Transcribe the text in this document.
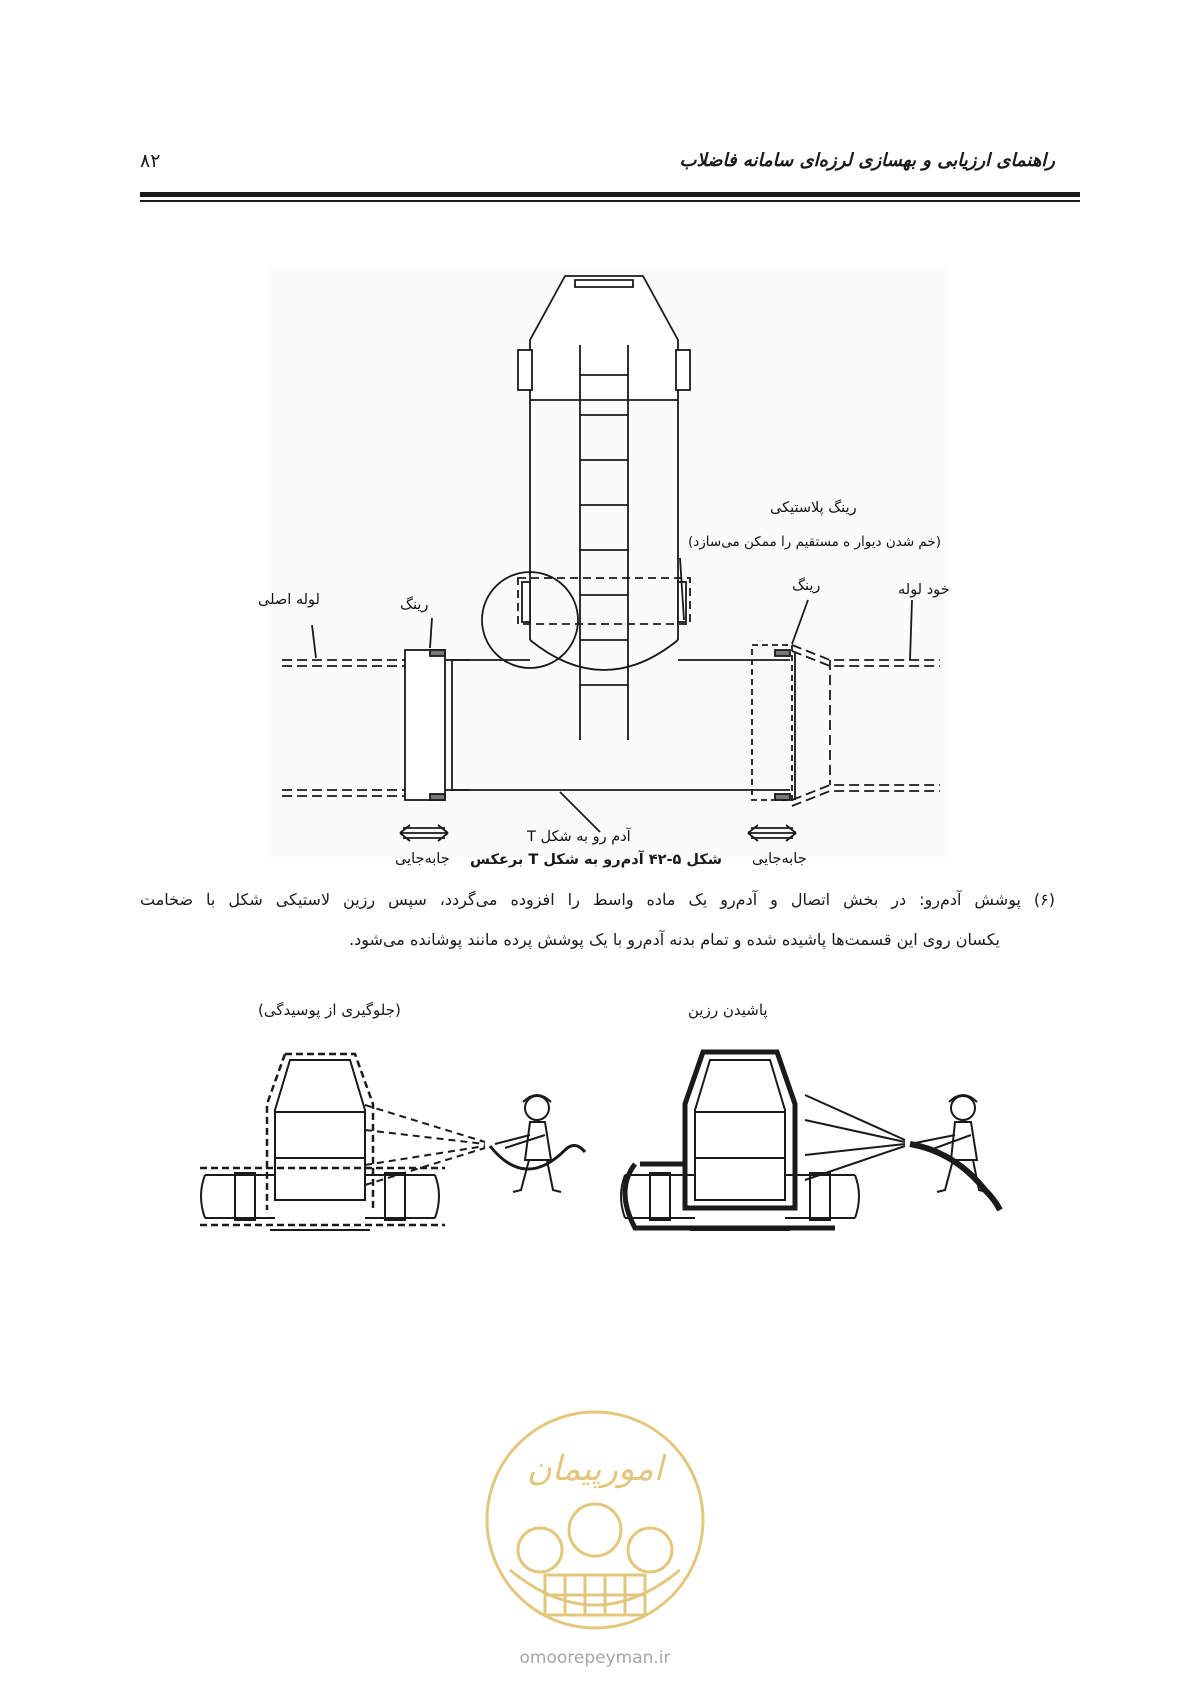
راهنمای ارزیابی و بهسازی لرزه‌ای سامانه فاضلاب
۸۲
رینگ پلاستیکی
(خم شدن دیوار ه مستقیم را ممکن می‌سازد)
لوله اصلی	رینگ
رینگ	خود لوله
آدم رو به شکل T
جابه‌جایی	جابه‌جایی
شکل ۵-۴۲ آدم‌رو به شکل T برعکس
(۶) پوشش آدم‌رو: در بخش اتصال و آدم‌رو یک ماده واسط را افزوده می‌گردد، سپس رزین لاستیکی شکل با ضخامت
یکسان روی این قسمت‌ها پاشیده شده و تمام بدنه آدم‌رو با یک پوشش پرده مانند پوشانده می‌شود.
(جلوگیری از پوسیدگی)	پاشیدن رزین
امورپیمان
omoorepeyman.ir
